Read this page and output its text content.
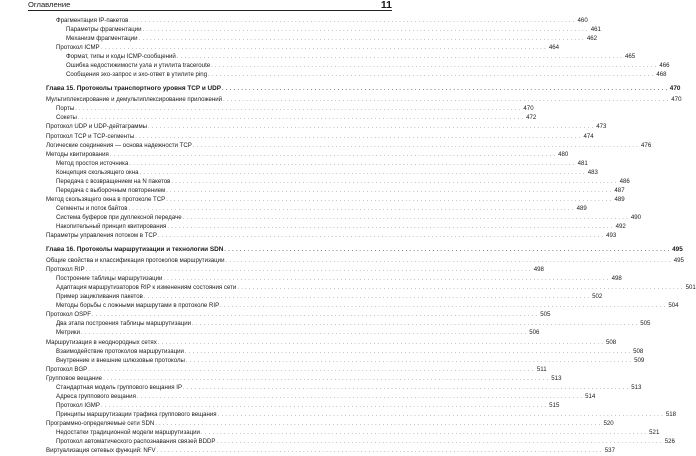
Оглавление	11
Фрагментация IP-пакетов . . .	460
Параметры фрагментации . . .	461
Механизм фрагментации . . .	462
Протокол ICMP . . .	464
Формат, типы и коды ICMP-сообщений . . .	465
Ошибка недостижимости узла и утилита traceroute . . .	466
Сообщения эхо-запрос и эхо-ответ в утилите ping . . .	468
Глава 15. Протоколы транспортного уровня TCP и UDP . . .	470
Мультиплексирование и демультиплексирование приложений . . .	470
Порты . . .	470
Сокеты . . .	472
Протокол UDP и UDP-дейтаграммы . . .	473
Протокол TCP и TCP-сегменты . . .	474
Логические соединения — основа надежности TCP . . .	476
Методы квитирования . . .	480
Метод простоя источника . . .	481
Концепция скользящего окна . . .	483
Передача с возвращением на N пакетов . . .	486
Передача с выборочным повторением . . .	487
Метод скользящего окна в протоколе TCP . . .	489
Сегменты и поток байтов . . .	489
Система буферов при дуплексной передаче . . .	490
Накопительный принцип квитирования . . .	492
Параметры управления потоком в TCP . . .	493
Глава 16. Протоколы маршрутизации и технологии SDN . . .	495
Общие свойства и классификация протоколов маршрутизации . . .	495
Протокол RIP . . .	498
Построение таблицы маршрутизации . . .	498
Адаптация маршрутизаторов RIP к изменениям состояния сети . . .	501
Пример зацикливания пакетов . . .	502
Методы борьбы с ложными маршрутами в протоколе RIP . . .	504
Протокол OSPF . . .	505
Два этапа построения таблицы маршрутизации . . .	505
Метрики . . .	506
Маршрутизация в неоднородных сетях . . .	508
Взаимодействие протоколов маршрутизации . . .	508
Внутренние и внешние шлюзовые протоколы . . .	509
Протокол BGP . . .	511
Групповое вещание . . .	513
Стандартная модель группового вещания IP . . .	513
Адреса группового вещания . . .	514
Протокол IGMP . . .	515
Принципы маршрутизации трафика группового вещания . . .	518
Программно-определяемые сети SDN . . .	520
Недостатки традиционной модели маршрутизации . . .	521
Протокол автоматического распознавания связей BDDP . . .	526
Виртуализация сетевых функций: NFV . . .	537
